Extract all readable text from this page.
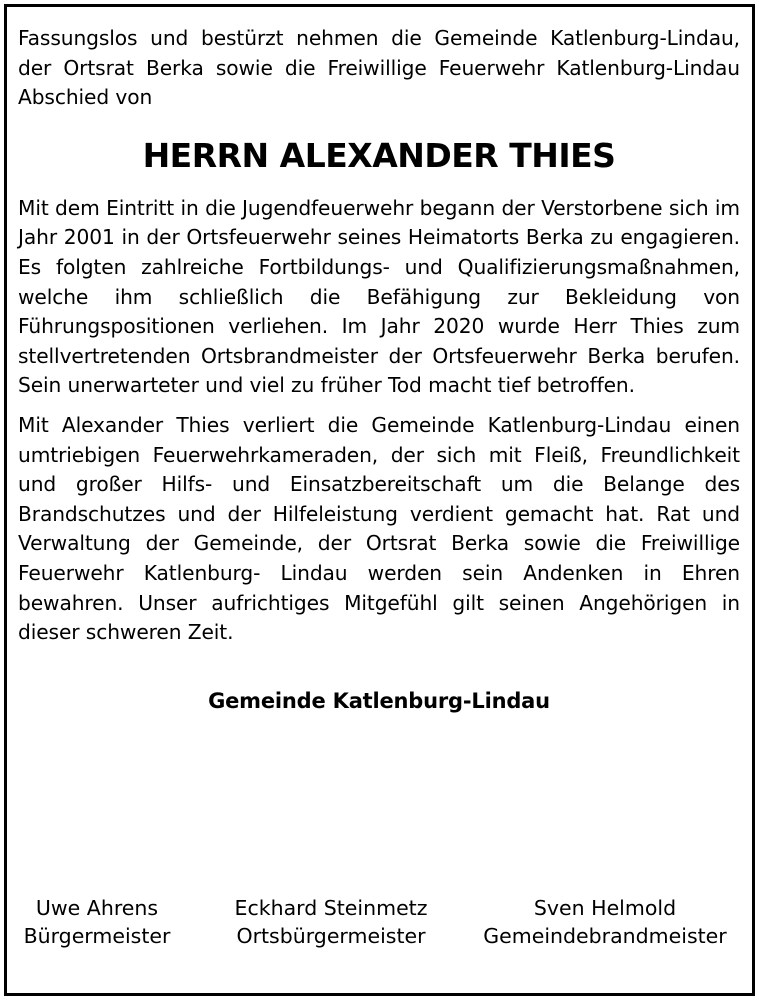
Fassungslos und bestürzt nehmen die Gemeinde Katlenburg-Lindau, der Ortsrat Berka sowie die Freiwillige Feuerwehr Katlenburg-Lindau Abschied von

HERRN ALEXANDER THIES

Mit dem Eintritt in die Jugendfeuerwehr begann der Verstorbene sich im Jahr 2001 in der Ortsfeuerwehr seines Heimatorts Berka zu engagieren. Es folgten zahlreiche Fortbildungs- und Qualifizierungsmaßnahmen, welche ihm schließlich die Befähigung zur Bekleidung von Führungspositionen verliehen. Im Jahr 2020 wurde Herr Thies zum stellvertretenden Ortsbrandmeister der Ortsfeuerwehr Berka berufen. Sein unerwarteter und viel zu früher Tod macht tief betroffen.

Mit Alexander Thies verliert die Gemeinde Katlenburg-Lindau einen umtriebigen Feuerwehrkameraden, der sich mit Fleiß, Freundlichkeit und großer Hilfs- und Einsatzbereitschaft um die Belange des Brandschutzes und der Hilfeleistung verdient gemacht hat. Rat und Verwaltung der Gemeinde, der Ortsrat Berka sowie die Freiwillige Feuerwehr Katlenburg- Lindau werden sein Andenken in Ehren bewahren. Unser aufrichtiges Mitgefühl gilt seinen Angehörigen in dieser schweren Zeit.

Gemeinde Katlenburg-Lindau
Uwe Ahrens
Bürgermeister
Eckhard Steinmetz
Ortsbürgermeister
Sven Helmold
Gemeindebrandmeister
